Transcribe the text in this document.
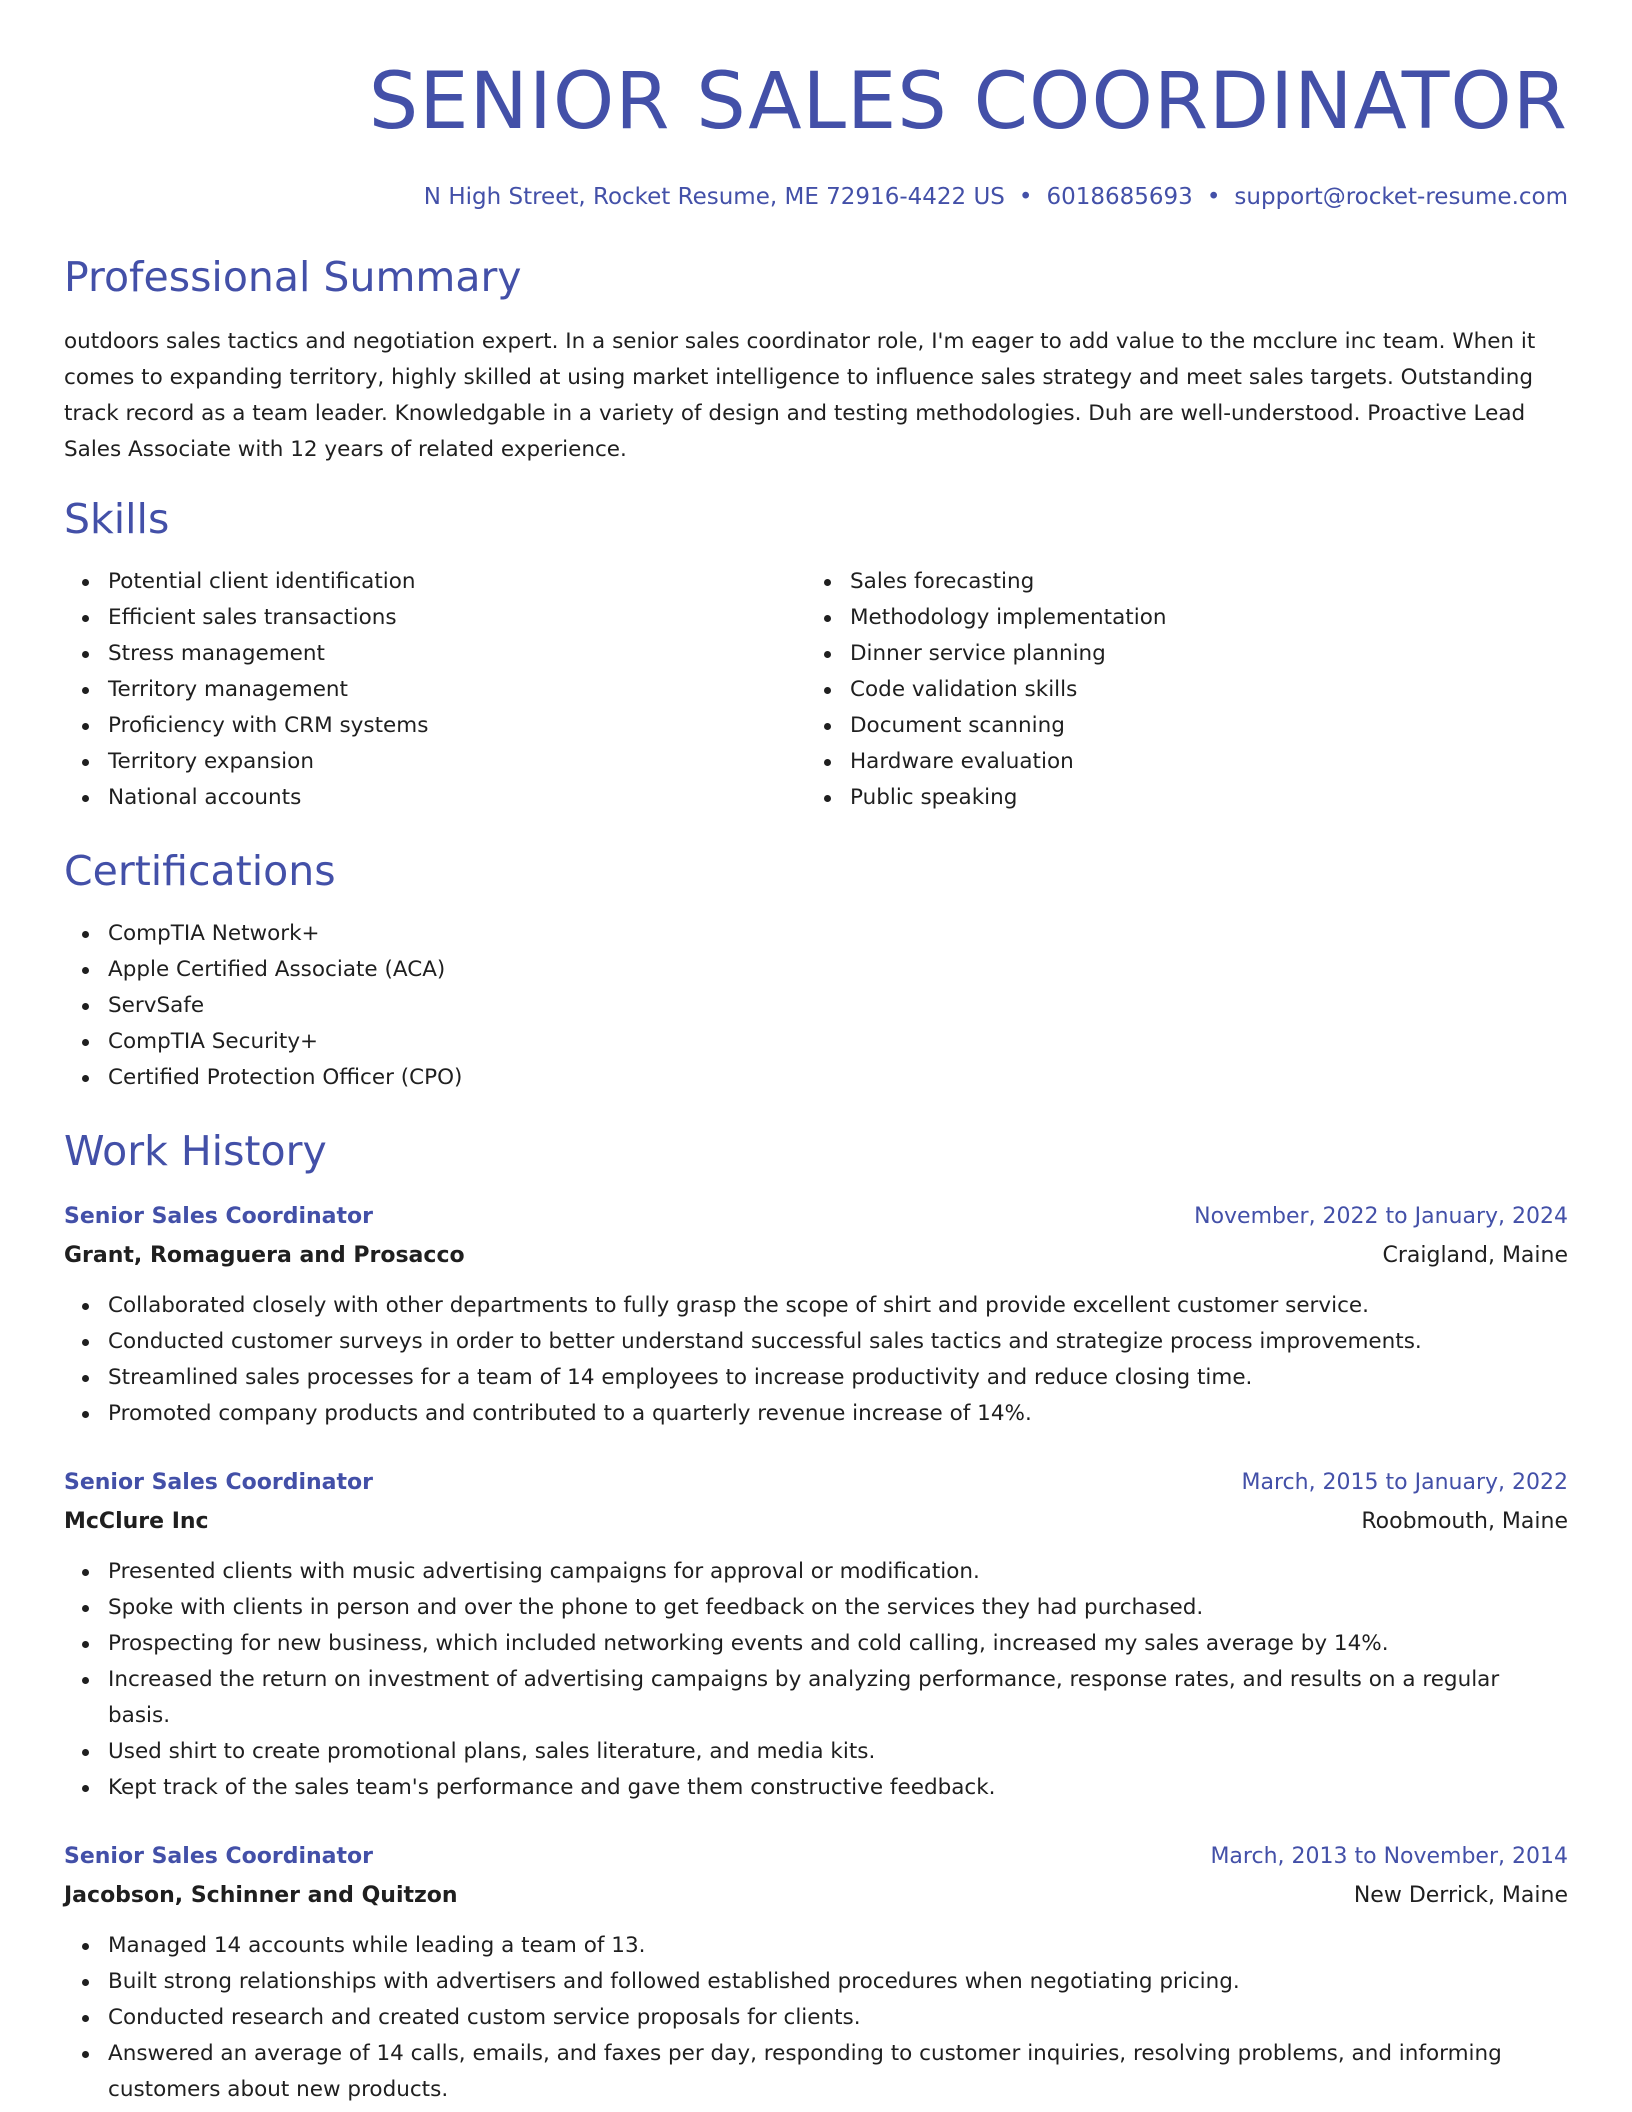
SENIOR SALES COORDINATOR
N High Street, Rocket Resume, ME 72916-4422 US • 6018685693 • support@rocket-resume.com
Professional Summary

outdoors sales tactics and negotiation expert. In a senior sales coordinator role, I'm eager to add value to the mcclure inc team. When it comes to expanding territory, highly skilled at using market intelligence to influence sales strategy and meet sales targets. Outstanding track record as a team leader. Knowledgable in a variety of design and testing methodologies. Duh are well-understood. Proactive Lead Sales Associate with 12 years of related experience.

Skills
Potential client identification
Efficient sales transactions
Stress management
Territory management
Proficiency with CRM systems
Territory expansion
National accounts
Sales forecasting
Methodology implementation
Dinner service planning
Code validation skills
Document scanning
Hardware evaluation
Public speaking
Certifications
CompTIA Network+
Apple Certified Associate (ACA)
ServSafe
CompTIA Security+
Certified Protection Officer (CPO)
Work History
Senior Sales Coordinator	November, 2022 to January, 2024
Grant, Romaguera and Prosacco	Craigland, Maine
Collaborated closely with other departments to fully grasp the scope of shirt and provide excellent customer service.
Conducted customer surveys in order to better understand successful sales tactics and strategize process improvements.
Streamlined sales processes for a team of 14 employees to increase productivity and reduce closing time.
Promoted company products and contributed to a quarterly revenue increase of 14%.
Senior Sales Coordinator	March, 2015 to January, 2022
McClure Inc	Roobmouth, Maine
Presented clients with music advertising campaigns for approval or modification.
Spoke with clients in person and over the phone to get feedback on the services they had purchased.
Prospecting for new business, which included networking events and cold calling, increased my sales average by 14%.
Increased the return on investment of advertising campaigns by analyzing performance, response rates, and results on a regular basis.
Used shirt to create promotional plans, sales literature, and media kits.
Kept track of the sales team's performance and gave them constructive feedback.
Senior Sales Coordinator	March, 2013 to November, 2014
Jacobson, Schinner and Quitzon	New Derrick, Maine
Managed 14 accounts while leading a team of 13.
Built strong relationships with advertisers and followed established procedures when negotiating pricing.
Conducted research and created custom service proposals for clients.
Answered an average of 14 calls, emails, and faxes per day, responding to customer inquiries, resolving problems, and informing customers about new products.
